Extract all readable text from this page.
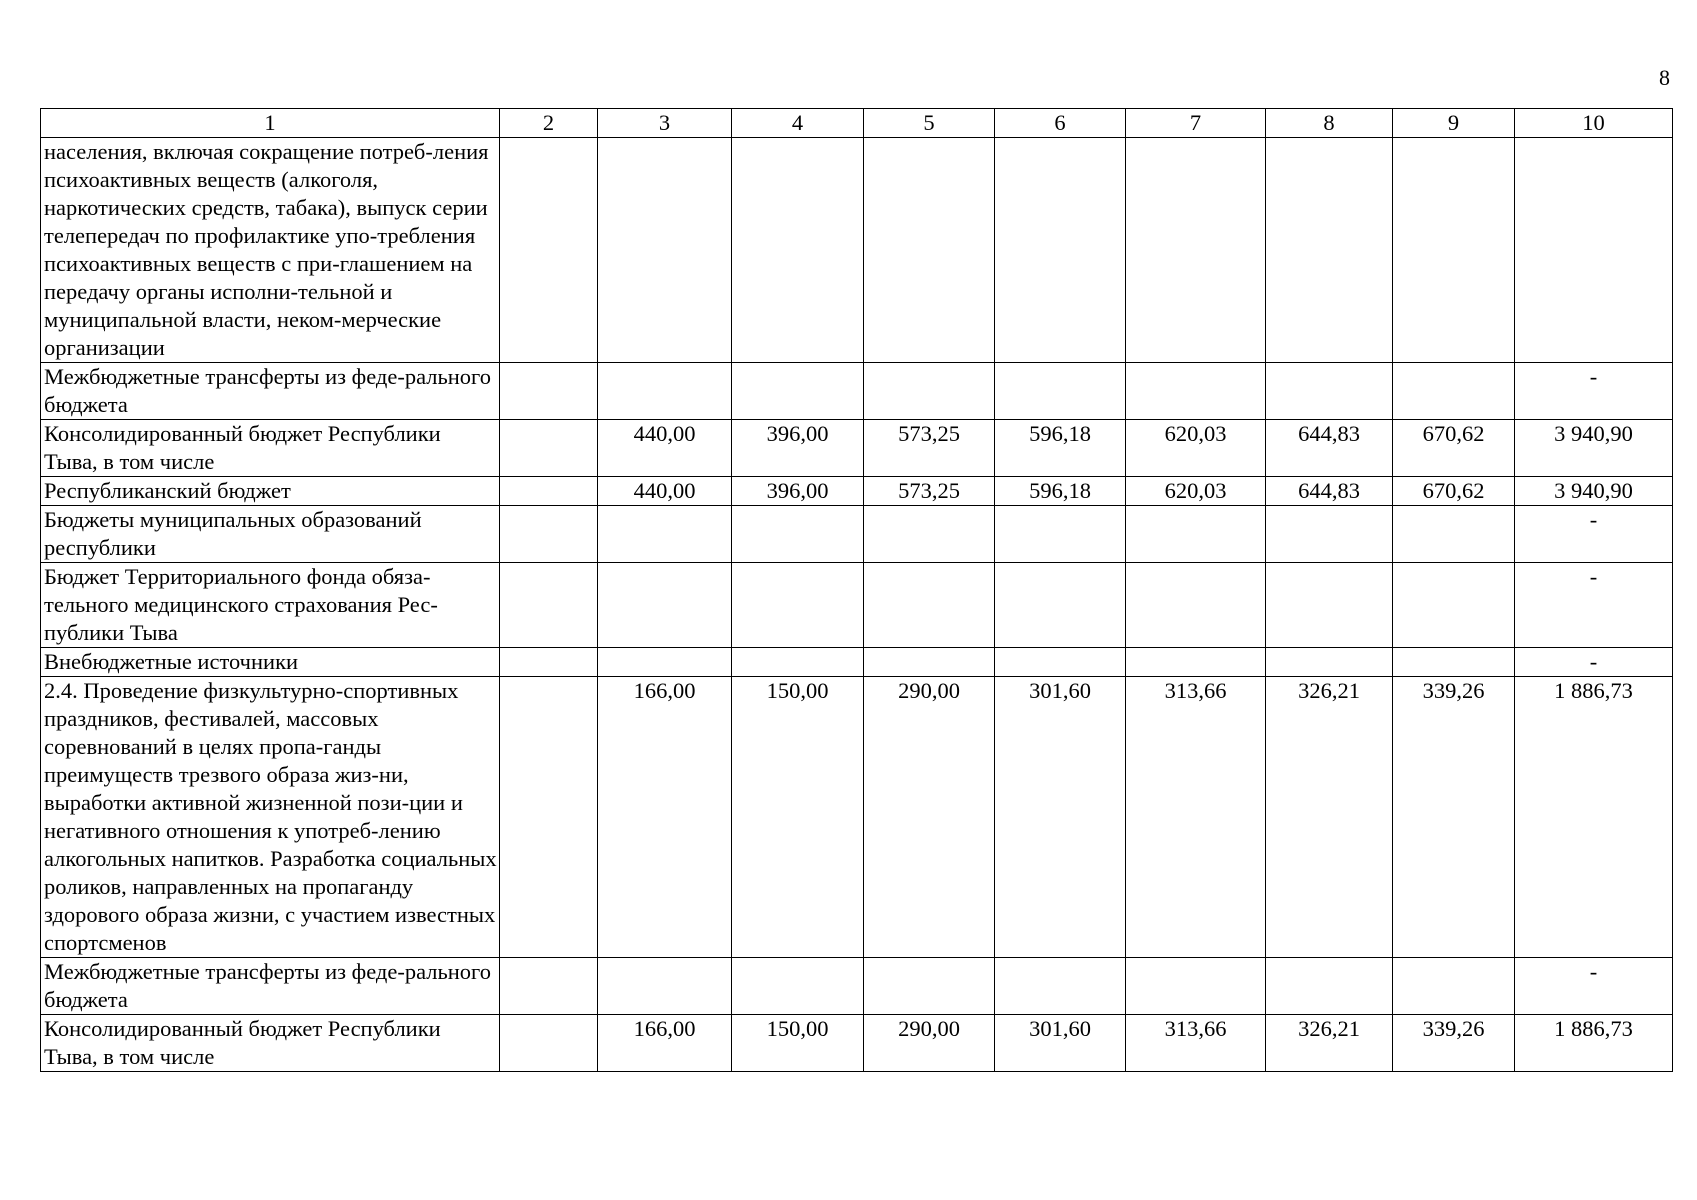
8
1	2	3	4	5	6	7	8	9	10
населения, включая сокращение потреб-ления психоактивных веществ (алкоголя, наркотических средств, табака), выпуск серии телепередач по профилактике упо-требления психоактивных веществ с при-глашением на передачу органы исполни-тельной и муниципальной власти, неком-мерческие организации									
Межбюджетные трансферты из феде-рального бюджета									-
Консолидированный бюджет Республики Тыва, в том числе		440,00	396,00	573,25	596,18	620,03	644,83	670,62	3 940,90
Республиканский бюджет		440,00	396,00	573,25	596,18	620,03	644,83	670,62	3 940,90
Бюджеты муниципальных образований республики									-
Бюджет Территориального фонда обяза-тельного медицинского страхования Рес-публики Тыва									-
Внебюджетные источники									-
2.4. Проведение физкультурно-спортивных праздников, фестивалей, массовых соревнований в целях пропа-ганды преимуществ трезвого образа жиз-ни, выработки активной жизненной пози-ции и негативного отношения к употреб-лению алкогольных напитков. Разработка социальных роликов, направленных на пропаганду здорового образа жизни, с участием известных спортсменов		166,00	150,00	290,00	301,60	313,66	326,21	339,26	1 886,73
Межбюджетные трансферты из феде-рального бюджета									-
Консолидированный бюджет Республики Тыва, в том числе		166,00	150,00	290,00	301,60	313,66	326,21	339,26	1 886,73
